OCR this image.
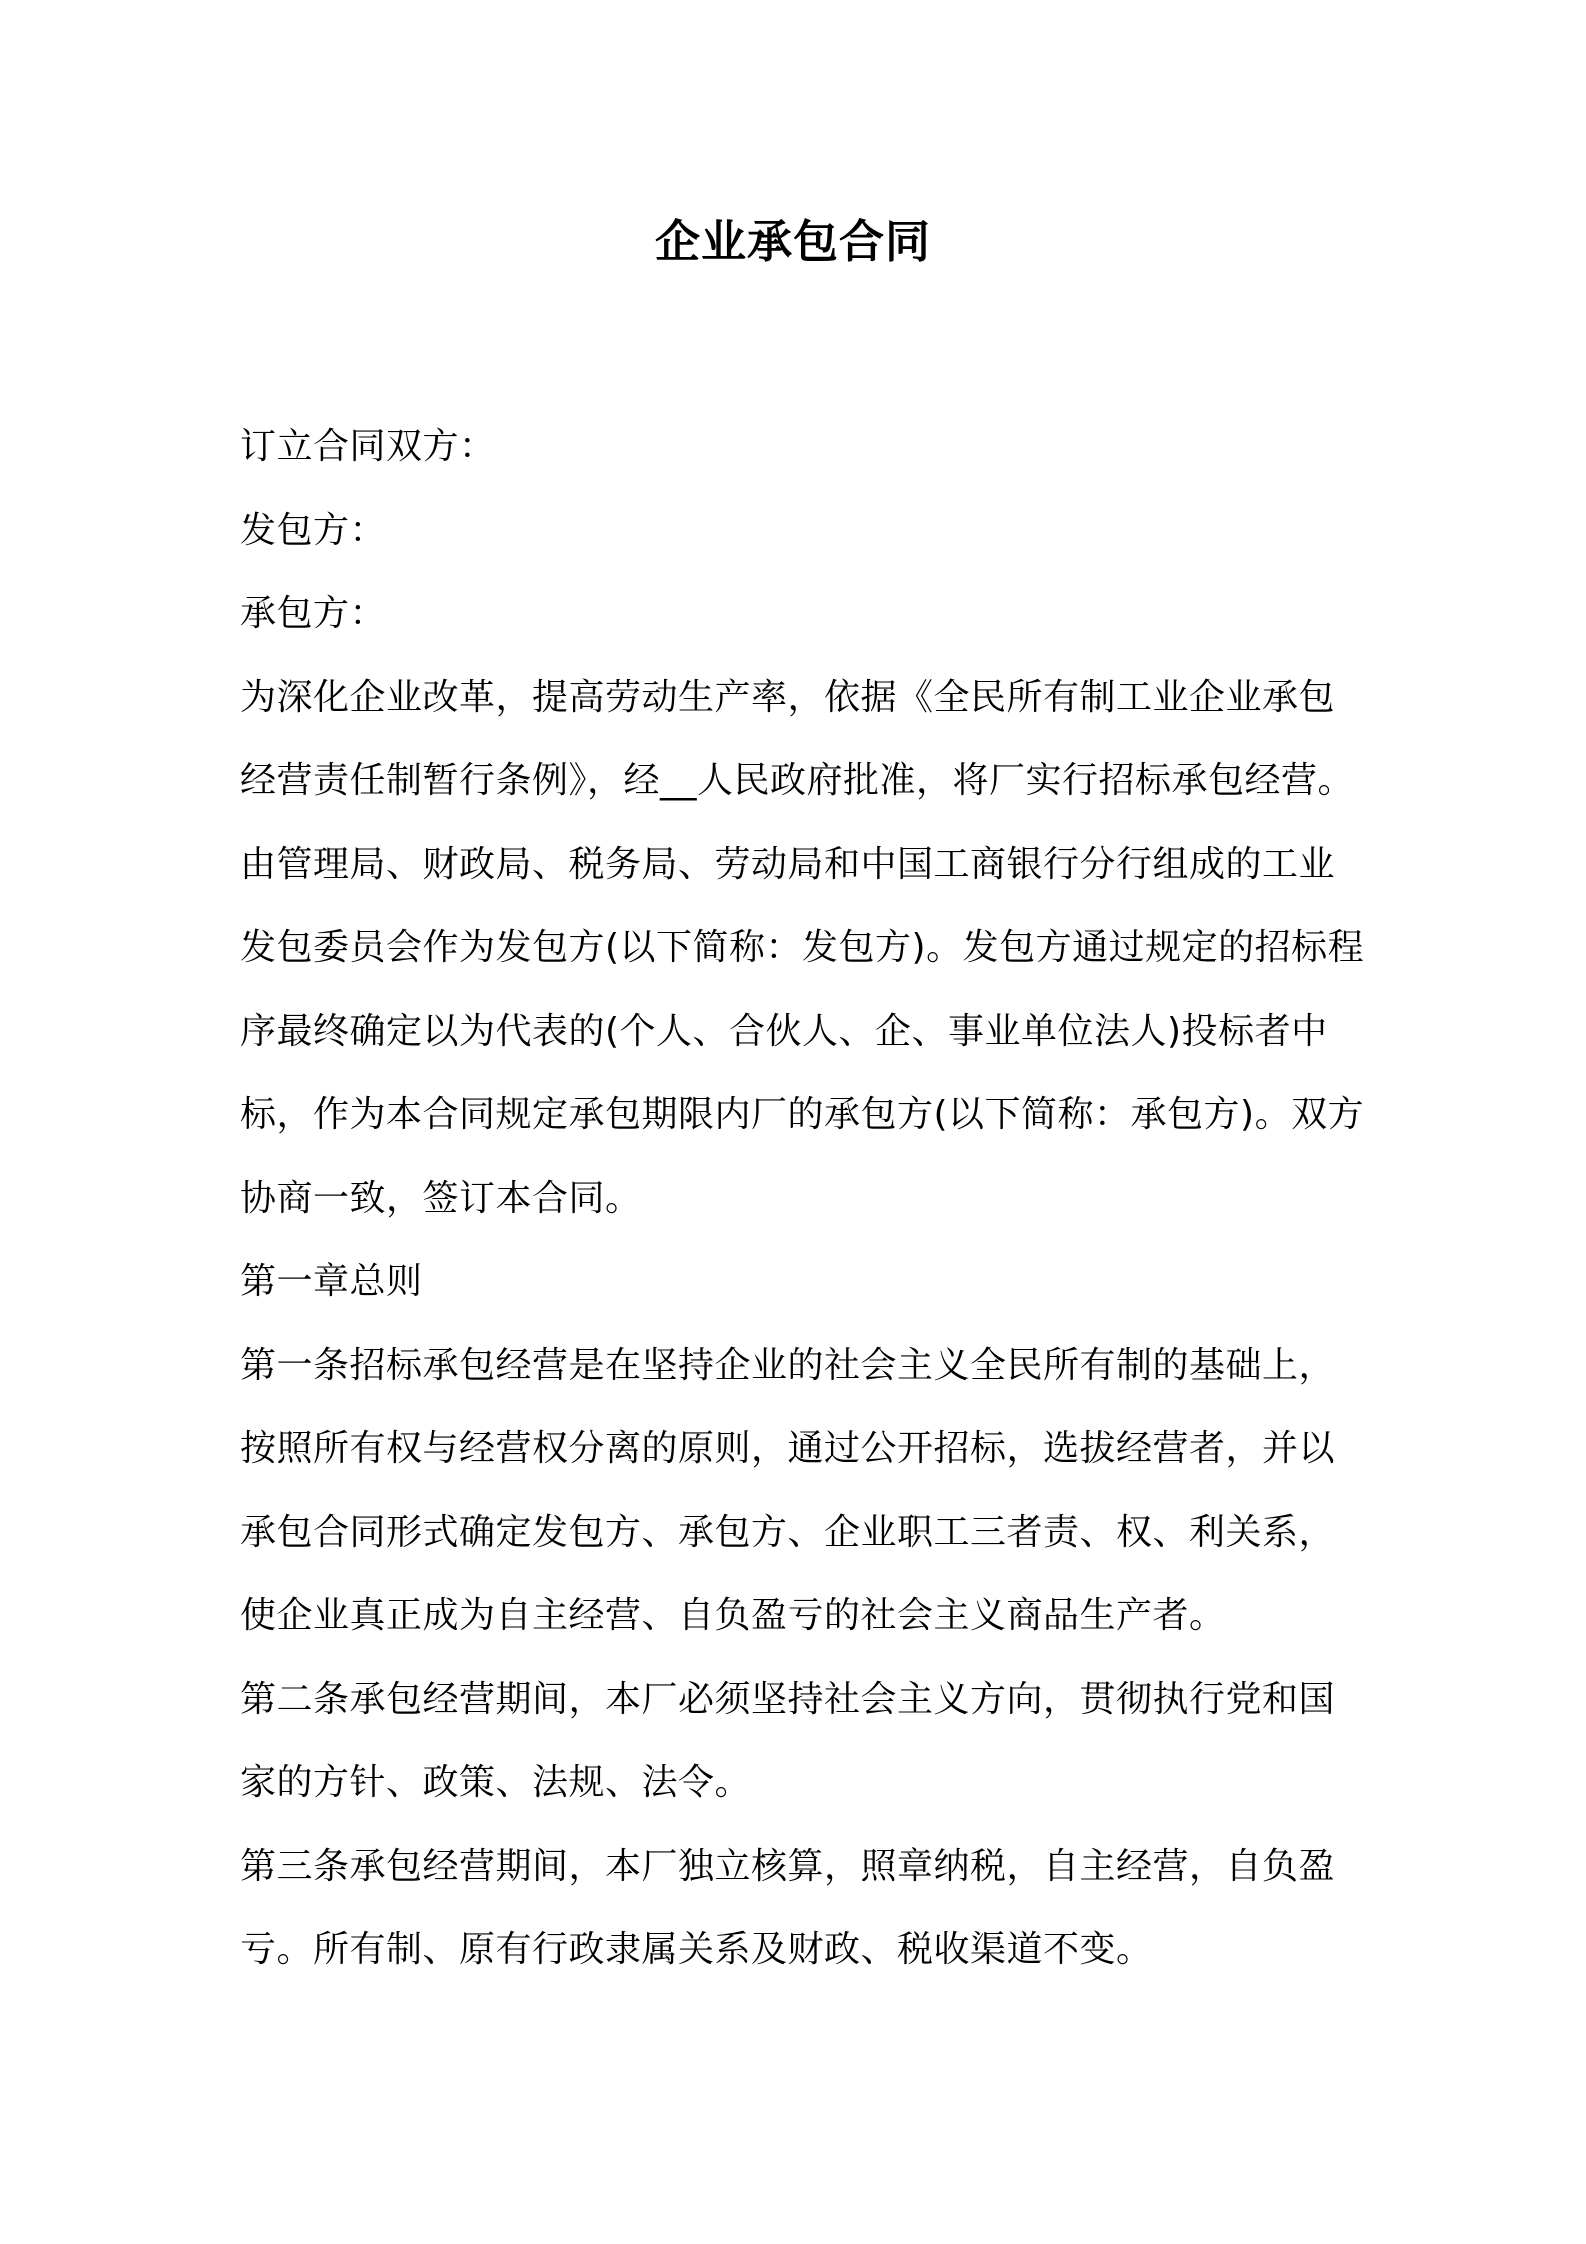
企业承包合同

订立合同双方：

发包方：

承包方：

为深化企业改革，提高劳动生产率，依据《全民所有制工业企业承包经营责任制暂行条例》，经__人民政府批准，将厂实行招标承包经营。由管理局、财政局、税务局、劳动局和中国工商银行分行组成的工业发包委员会作为发包方(以下简称：发包方)。发包方通过规定的招标程序最终确定以为代表的(个人、合伙人、企、事业单位法人)投标者中标，作为本合同规定承包期限内厂的承包方(以下简称：承包方)。双方协商一致，签订本合同。

第一章总则

第一条招标承包经营是在坚持企业的社会主义全民所有制的基础上，按照所有权与经营权分离的原则，通过公开招标，选拔经营者，并以承包合同形式确定发包方、承包方、企业职工三者责、权、利关系，使企业真正成为自主经营、自负盈亏的社会主义商品生产者。

第二条承包经营期间，本厂必须坚持社会主义方向，贯彻执行党和国家的方针、政策、法规、法令。

第三条承包经营期间，本厂独立核算，照章纳税，自主经营，自负盈亏。所有制、原有行政隶属关系及财政、税收渠道不变。
